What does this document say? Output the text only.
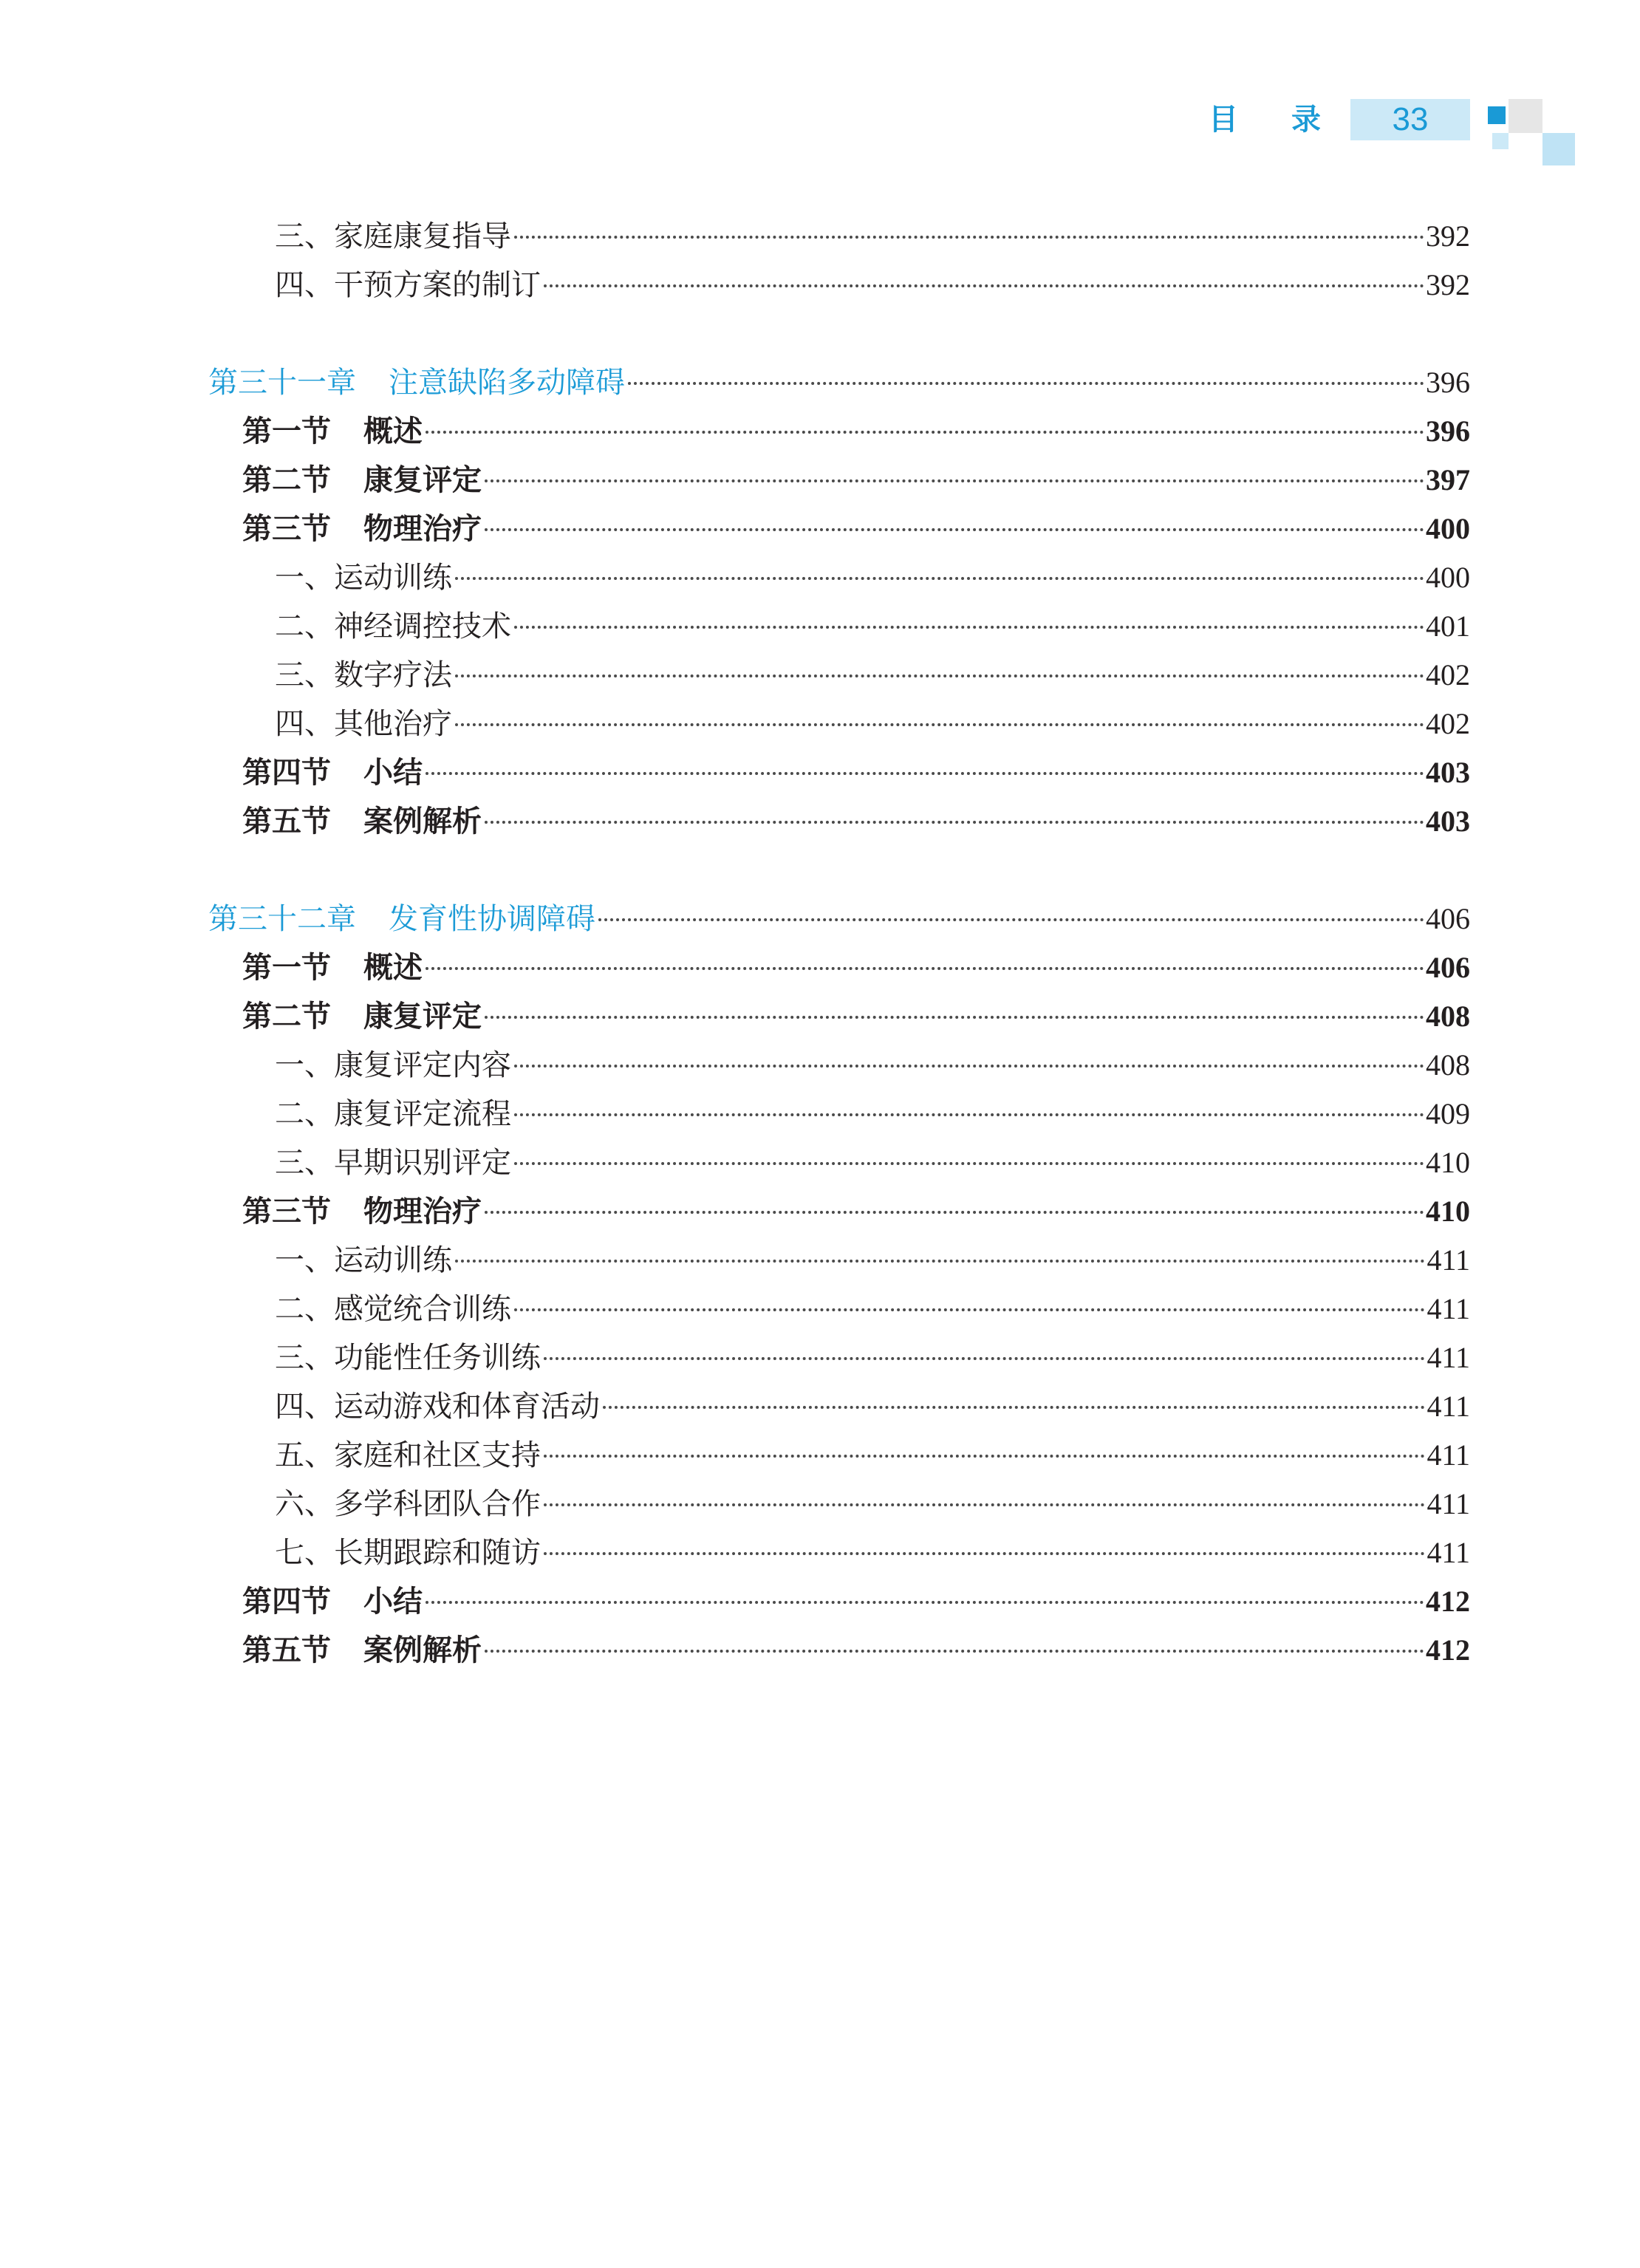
目 录	33
三、家庭康复指导	392
四、干预方案的制订	392
第三十一章 注意缺陷多动障碍	396
第一节 概述	396
第二节 康复评定	397
第三节 物理治疗	400
一、运动训练	400
二、神经调控技术	401
三、数字疗法	402
四、其他治疗	402
第四节 小结	403
第五节 案例解析	403
第三十二章 发育性协调障碍	406
第一节 概述	406
第二节 康复评定	408
一、康复评定内容	408
二、康复评定流程	409
三、早期识别评定	410
第三节 物理治疗	410
一、运动训练	411
二、感觉统合训练	411
三、功能性任务训练	411
四、运动游戏和体育活动	411
五、家庭和社区支持	411
六、多学科团队合作	411
七、长期跟踪和随访	411
第四节 小结	412
第五节 案例解析	412
